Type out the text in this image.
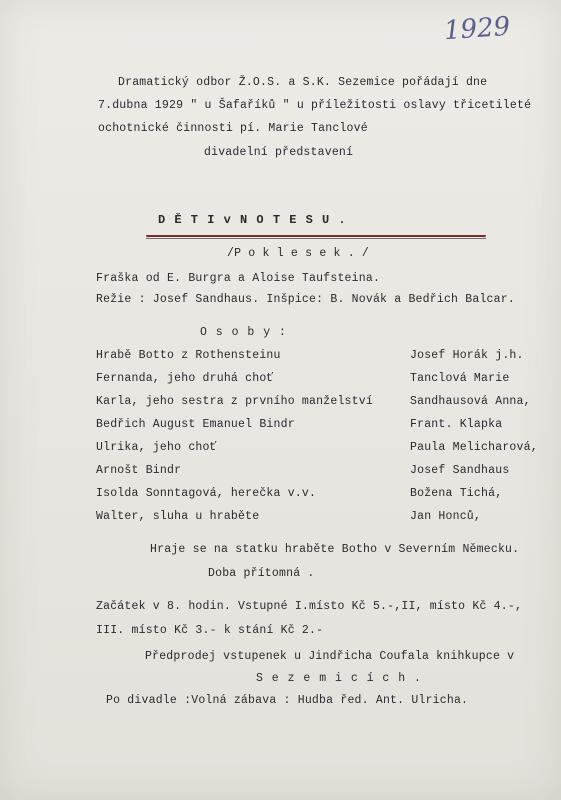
1929
Dramatický odbor Ž.O.S. a S.K. Sezemice pořádají dne
7.dubna 1929 " u Šafaříků " u příležitosti oslavy třicetileté
ochotnické činnosti pí. Marie Tanclové
divadelní představení
D Ě T I v N O T E S U .
/P o k l e s e k . /
Fraška od E. Burgra a Aloise Taufsteina.
Režie : Josef Sandhaus. Inšpice: B. Novák a Bedřich Balcar.
O s o b y :
Hrabě Botto z Rothensteinu	Josef Horák j.h.
Fernanda, jeho druhá choť	Tanclová Marie
Karla, jeho sestra z prvního manželství	Sandhausová Anna,
Bedřich August Emanuel Bindr	Frant. Klapka
Ulrika, jeho choť	Paula Melicharová,
Arnošt Bindr	Josef Sandhaus
Isolda Sonntagová, herečka v.v.	Božena Tichá,
Walter, sluha u hraběte	Jan Honců,
Hraje se na statku hraběte Botho v Severním Německu.
Doba přítomná .
Začátek v 8. hodin. Vstupné I.místo Kč 5.-,II, místo Kč 4.-,
III. místo Kč 3.- k stání Kč 2.-
Předprodej vstupenek u Jindřicha Coufala knihkupce v
S e z e m i c í c h .
Po divadle :Volná zábava : Hudba řed. Ant. Ulricha.
